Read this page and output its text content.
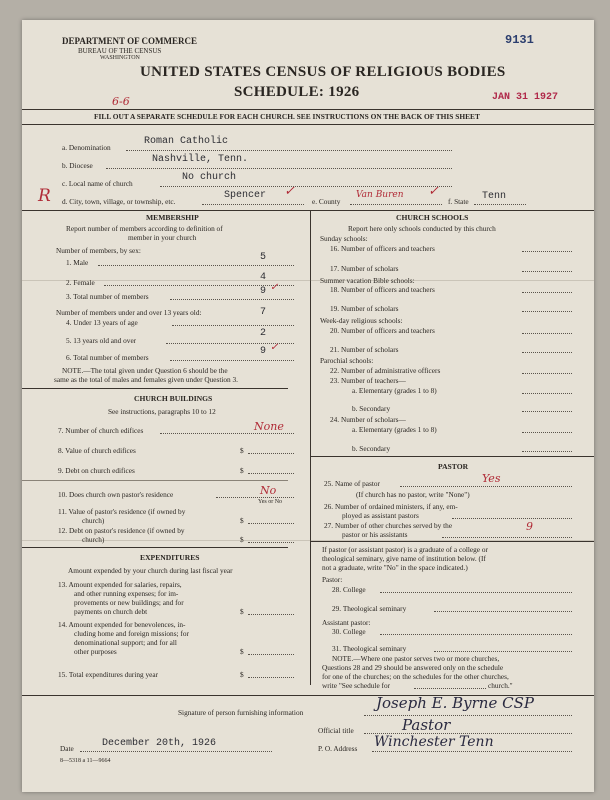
DEPARTMENT OF COMMERCE
BUREAU OF THE CENSUS
WASHINGTON
9131
UNITED STATES CENSUS OF RELIGIOUS BODIES
SCHEDULE: 1926	JAN 31 1927
6-6
FILL OUT A SEPARATE SCHEDULE FOR EACH CHURCH. SEE INSTRUCTIONS ON THE BACK OF THIS SHEET
a. Denomination
Roman Catholic
b. Diocese
Nashville, Tenn.
c. Local name of church
No church
R d. City, town, village, or township, etc.
Spencer ✓
e. County
Van Buren ✓
f. State Tenn
MEMBERSHIP
Report number of members according to definition of
member in your church
Number of members, by sex:
1. Male	5
2. Female	4
3. Total number of members	9 ✓
Number of members under and over 13 years old:
4. Under 13 years of age
7
5. 13 years old and over
2
6. Total number of members
9 ✓
NOTE.—The total given under Question 6 should be the
same as the total of males and females given under Question 3.
CHURCH BUILDINGS
See instructions, paragraphs 10 to 12
7. Number of church edifices	None
8. Value of church edifices	$
9. Debt on church edifices	$
10. Does church own pastor's residence	No
Yes or No
11. Value of pastor's residence (if owned by
church)	$
12. Debt on pastor's residence (if owned by
church)	$
EXPENDITURES
Amount expended by your church during last fiscal year
13. Amount expended for salaries, repairs,
and other running expenses; for im-
provements or new buildings; and for
payments on church debt	$
14. Amount expended for benevolences, in-
cluding home and foreign missions; for
denominational support; and for all
other purposes	$
15. Total expenditures during year	$
CHURCH SCHOOLS
Report here only schools conducted by this church
Sunday schools:
16. Number of officers and teachers
17. Number of scholars
Summer vacation Bible schools:
18. Number of officers and teachers
19. Number of scholars
Week-day religious schools:
20. Number of officers and teachers
21. Number of scholars
Parochial schools:
22. Number of administrative officers
23. Number of teachers—
a. Elementary (grades 1 to 8)
b. Secondary
24. Number of scholars—
a. Elementary (grades 1 to 8)
b. Secondary
PASTOR
25. Name of pastor	Yes
(If church has no pastor, write "None")
26. Number of ordained ministers, if any, em-
ployed as assistant pastors
27. Number of other churches served by the
pastor or his assistants
9
If pastor (or assistant pastor) is a graduate of a college or
theological seminary, give name of institution below. (If
not a graduate, write "No" in the space indicated.)
Pastor:
28. College
29. Theological seminary
Assistant pastor:
30. College
31. Theological seminary
NOTE.—Where one pastor serves two or more churches,
Questions 28 and 29 should be answered only on the schedule
for one of the churches; on the schedules for the other churches,
write "See schedule for	church."
Signature of person furnishing information
Joseph E. Byrne CSP
Official title	Pastor
Date	December 20th, 1926	P. O. Address Winchester Tenn
8—5318 a 11—9664
